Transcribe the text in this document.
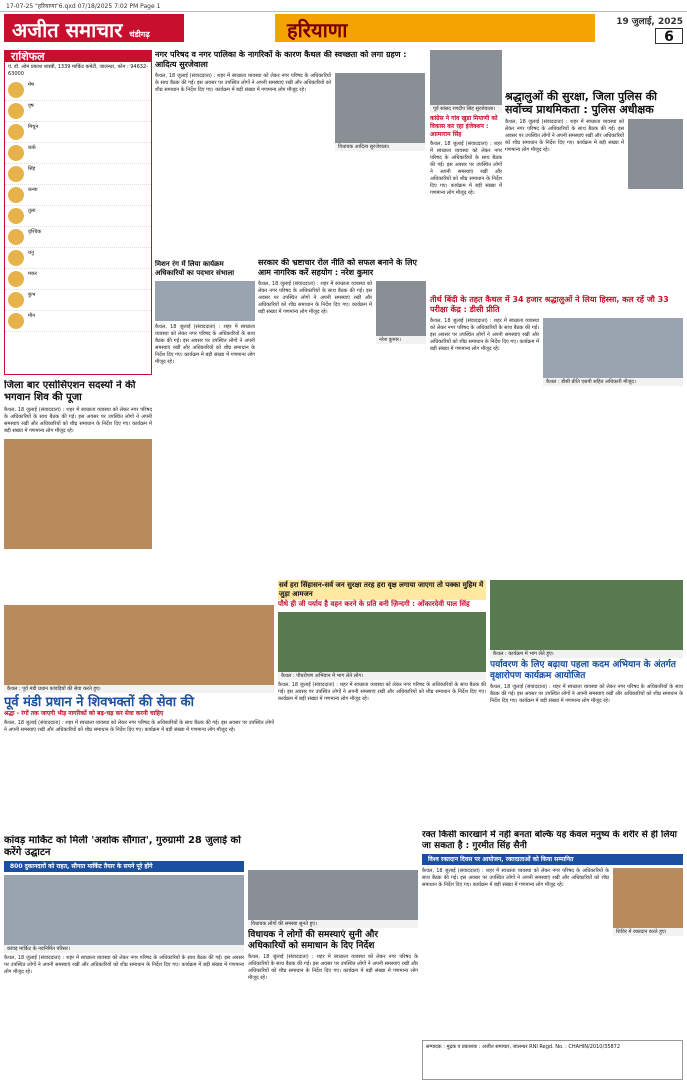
17-07-25 "हरियाणा"6.qxd 07/18/2025 7:02 PM Page 1
अजीत समाचार चंडीगढ़	हरियाणा	19 जुलाई, 2025
6
राशिफल
पं. डॉ. ओम प्रकाश शास्त्री, 1339 मार्किट कमेटी, जालन्धर, फोन : 94632-63000
मेष
वृष
मिथुन
कर्क
सिंह
कन्या
तुला
वृश्चिक
धनु
मकर
कुंभ
मीन
जिला बार एसोसिएशन सदस्यों ने की भगवान शिव की पूजा
कैथल, 18 जुलाई (संवाददाता) : शहर में स्वच्छता व्यवस्था को लेकर नगर परिषद के अधिकारियों के साथ बैठक की गई। इस अवसर पर उपस्थित लोगों ने अपनी समस्याएं रखीं और अधिकारियों को शीघ्र समाधान के निर्देश दिए गए। कार्यक्रम में बड़ी संख्या में गणमान्य लोग मौजूद रहे।
नगर परिषद व नगर पालिका के नागरिकों के कारण कैथल की स्वच्छता को लगा ग्रहण : आदित्य सुरजेवाला
कैथल, 18 जुलाई (संवाददाता) : शहर में स्वच्छता व्यवस्था को लेकर नगर परिषद के अधिकारियों के साथ बैठक की गई। इस अवसर पर उपस्थित लोगों ने अपनी समस्याएं रखीं और अधिकारियों को शीघ्र समाधान के निर्देश दिए गए। कार्यक्रम में बड़ी संख्या में गणमान्य लोग मौजूद रहे।
विधायक आदित्य सुरजेवाला।
मिशन रंग में लिया कार्यक्रम अधिकारियों का पदभार संभाला
कैथल, 18 जुलाई (संवाददाता) : शहर में स्वच्छता व्यवस्था को लेकर नगर परिषद के अधिकारियों के साथ बैठक की गई। इस अवसर पर उपस्थित लोगों ने अपनी समस्याएं रखीं और अधिकारियों को शीघ्र समाधान के निर्देश दिए गए। कार्यक्रम में बड़ी संख्या में गणमान्य लोग मौजूद रहे।
सरकार की भ्रष्टाचार रोल नीति को सफल बनाने के लिए आम नागरिक करें सहयोग : नरेश कुमार
कैथल, 18 जुलाई (संवाददाता) : शहर में स्वच्छता व्यवस्था को लेकर नगर परिषद के अधिकारियों के साथ बैठक की गई। इस अवसर पर उपस्थित लोगों ने अपनी समस्याएं रखीं और अधिकारियों को शीघ्र समाधान के निर्देश दिए गए। कार्यक्रम में बड़ी संख्या में गणमान्य लोग मौजूद रहे।
नरेश कुमार।
पूर्व सांसद रणदीप सिंह सुरजेवाला।
कांग्रेस ने गांव खुडा मियाणी को विकास कर रहा इंजेक्शन : आत्माराम सिंह
कैथल, 18 जुलाई (संवाददाता) : शहर में स्वच्छता व्यवस्था को लेकर नगर परिषद के अधिकारियों के साथ बैठक की गई। इस अवसर पर उपस्थित लोगों ने अपनी समस्याएं रखीं और अधिकारियों को शीघ्र समाधान के निर्देश दिए गए। कार्यक्रम में बड़ी संख्या में गणमान्य लोग मौजूद रहे।
श्रद्धालुओं की सुरक्षा, जिला पुलिस की सर्वोच्च प्राथमिकता : पुलिस अधीक्षक
कैथल, 18 जुलाई (संवाददाता) : शहर में स्वच्छता व्यवस्था को लेकर नगर परिषद के अधिकारियों के साथ बैठक की गई। इस अवसर पर उपस्थित लोगों ने अपनी समस्याएं रखीं और अधिकारियों को शीघ्र समाधान के निर्देश दिए गए। कार्यक्रम में बड़ी संख्या में गणमान्य लोग मौजूद रहे।
तीर्थ बिंदी के तहत कैथल में 34 हजार श्रद्धालुओं ने लिया हिस्सा, कल रहें जौ 33 परीक्षा केंद्र : डीसी प्रीति
कैथल, 18 जुलाई (संवाददाता) : शहर में स्वच्छता व्यवस्था को लेकर नगर परिषद के अधिकारियों के साथ बैठक की गई। इस अवसर पर उपस्थित लोगों ने अपनी समस्याएं रखीं और अधिकारियों को शीघ्र समाधान के निर्देश दिए गए। कार्यक्रम में बड़ी संख्या में गणमान्य लोग मौजूद रहे।
कैथल : डीसी प्रीति एसपी सहित अधिकारी मौजूद।
कैथल : पूर्व मंडी प्रधान कांवड़ियों की सेवा करते हुए।
पूर्व मंडी प्रधान ने शिवभक्तों की सेवा की
श्रद्धा - रंगों तक जाएगी भीड़ नागरिकों को बढ़-चढ़ कर सेवा करनी चाहिए
कैथल, 18 जुलाई (संवाददाता) : शहर में स्वच्छता व्यवस्था को लेकर नगर परिषद के अधिकारियों के साथ बैठक की गई। इस अवसर पर उपस्थित लोगों ने अपनी समस्याएं रखीं और अधिकारियों को शीघ्र समाधान के निर्देश दिए गए। कार्यक्रम में बड़ी संख्या में गणमान्य लोग मौजूद रहे।
सर्व हरा सिंहासन-सर्व जन सुरक्षा तरह हरा वृक्ष लगाया जाएगा तो पक्का मुहिम में जुड़ा आमजन
पौधे ही जी पर्याय है वहन करने के प्रति बनी ज़िन्दगी : ओंकारदेवी पाल सिंह
कैथल : पौधरोपण अभियान में भाग लेते लोग।
कैथल, 18 जुलाई (संवाददाता) : शहर में स्वच्छता व्यवस्था को लेकर नगर परिषद के अधिकारियों के साथ बैठक की गई। इस अवसर पर उपस्थित लोगों ने अपनी समस्याएं रखीं और अधिकारियों को शीघ्र समाधान के निर्देश दिए गए। कार्यक्रम में बड़ी संख्या में गणमान्य लोग मौजूद रहे।
कैथल : कार्यक्रम में भाग लेते हुए।
पर्यावरण के लिए बढ़ाया पहला कदम अभियान के अंतर्गत वृक्षारोपण कार्यक्रम आयोजित
कैथल, 18 जुलाई (संवाददाता) : शहर में स्वच्छता व्यवस्था को लेकर नगर परिषद के अधिकारियों के साथ बैठक की गई। इस अवसर पर उपस्थित लोगों ने अपनी समस्याएं रखीं और अधिकारियों को शीघ्र समाधान के निर्देश दिए गए। कार्यक्रम में बड़ी संख्या में गणमान्य लोग मौजूद रहे।
कांवड़ मार्किट को मिली 'अशोक सौगात', गुरुग्रामी 28 जुलाई को करेंगे उद्घाटन
800 दुकानदारों को राहत, सौगात मार्किट तैयार के सपने पूरे होंगे
कांवड़ मार्किट के नवनिर्मित परिसर।
कैथल, 18 जुलाई (संवाददाता) : शहर में स्वच्छता व्यवस्था को लेकर नगर परिषद के अधिकारियों के साथ बैठक की गई। इस अवसर पर उपस्थित लोगों ने अपनी समस्याएं रखीं और अधिकारियों को शीघ्र समाधान के निर्देश दिए गए। कार्यक्रम में बड़ी संख्या में गणमान्य लोग मौजूद रहे।
विधायक लोगों की समस्या सुनते हुए।
विधायक ने लोगों की समस्याएं सुनी और अधिकारियों को समाधान के दिए निर्देश
कैथल, 18 जुलाई (संवाददाता) : शहर में स्वच्छता व्यवस्था को लेकर नगर परिषद के अधिकारियों के साथ बैठक की गई। इस अवसर पर उपस्थित लोगों ने अपनी समस्याएं रखीं और अधिकारियों को शीघ्र समाधान के निर्देश दिए गए। कार्यक्रम में बड़ी संख्या में गणमान्य लोग मौजूद रहे।
रक्त किसी कारखाने में नहीं बनता बल्कि यह केवल मनुष्य के शरीर से ही लिया जा सकता है : गुरमीत सिंह सैनी
विश्व रक्तदान दिवस पर आयोजन, रक्तदाताओं को किया सम्मानित
कैथल, 18 जुलाई (संवाददाता) : शहर में स्वच्छता व्यवस्था को लेकर नगर परिषद के अधिकारियों के साथ बैठक की गई। इस अवसर पर उपस्थित लोगों ने अपनी समस्याएं रखीं और अधिकारियों को शीघ्र समाधान के निर्देश दिए गए। कार्यक्रम में बड़ी संख्या में गणमान्य लोग मौजूद रहे।
शिविर में रक्तदान करते हुए।
सम्पादक : मुद्रक व प्रकाशक : अजीत समाचार, जालन्धर RNI Regd. No. : CHAHIN/2010/35872
